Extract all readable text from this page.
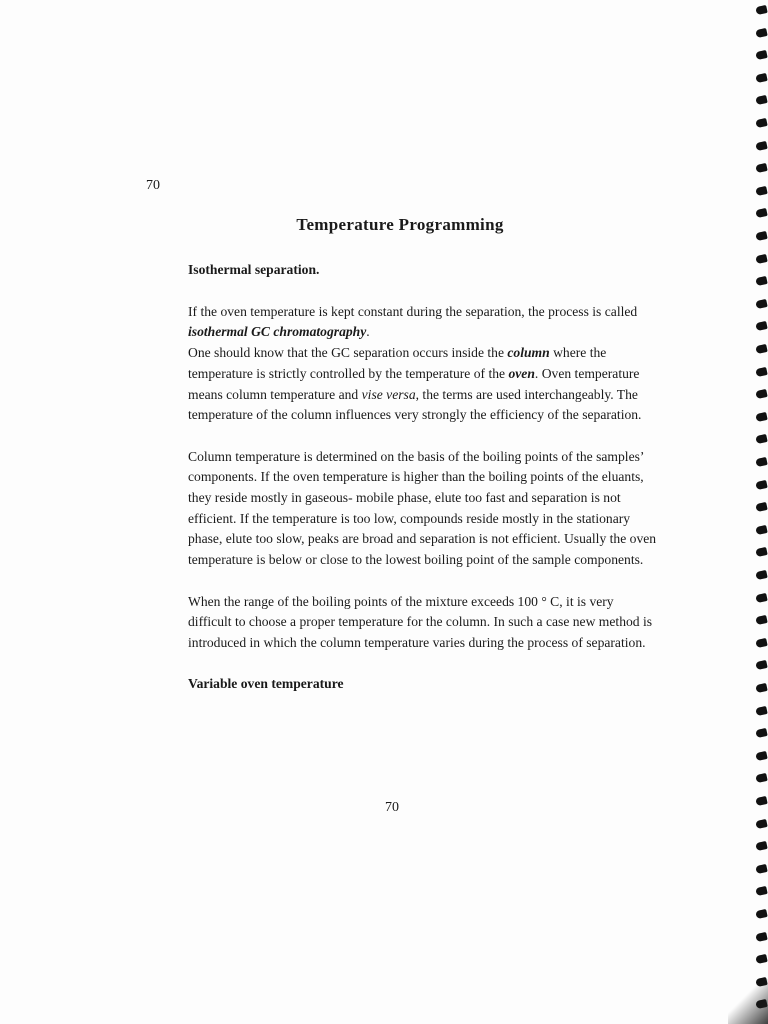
70
Temperature Programming

Isothermal separation.

If the oven temperature is kept constant during the separation, the process is called isothermal GC chromatography.

One should know that the GC separation occurs inside the column where the temperature is strictly controlled by the temperature of the oven. Oven temperature means column temperature and vise versa, the terms are used interchangeably. The temperature of the column influences very strongly the efficiency of the separation.

Column temperature is determined on the basis of the boiling points of the samples’ components. If the oven temperature is higher than the boiling points of the eluants, they reside mostly in gaseous- mobile phase, elute too fast and separation is not efficient. If the temperature is too low, compounds reside mostly in the stationary phase, elute too slow, peaks are broad and separation is not efficient. Usually the oven temperature is below or close to the lowest boiling point of the sample components.

When the range of the boiling points of the mixture exceeds 100 ° C, it is very difficult to choose a proper temperature for the column. In such a case new method is introduced in which the column temperature varies during the process of separation.

Variable oven temperature

70
